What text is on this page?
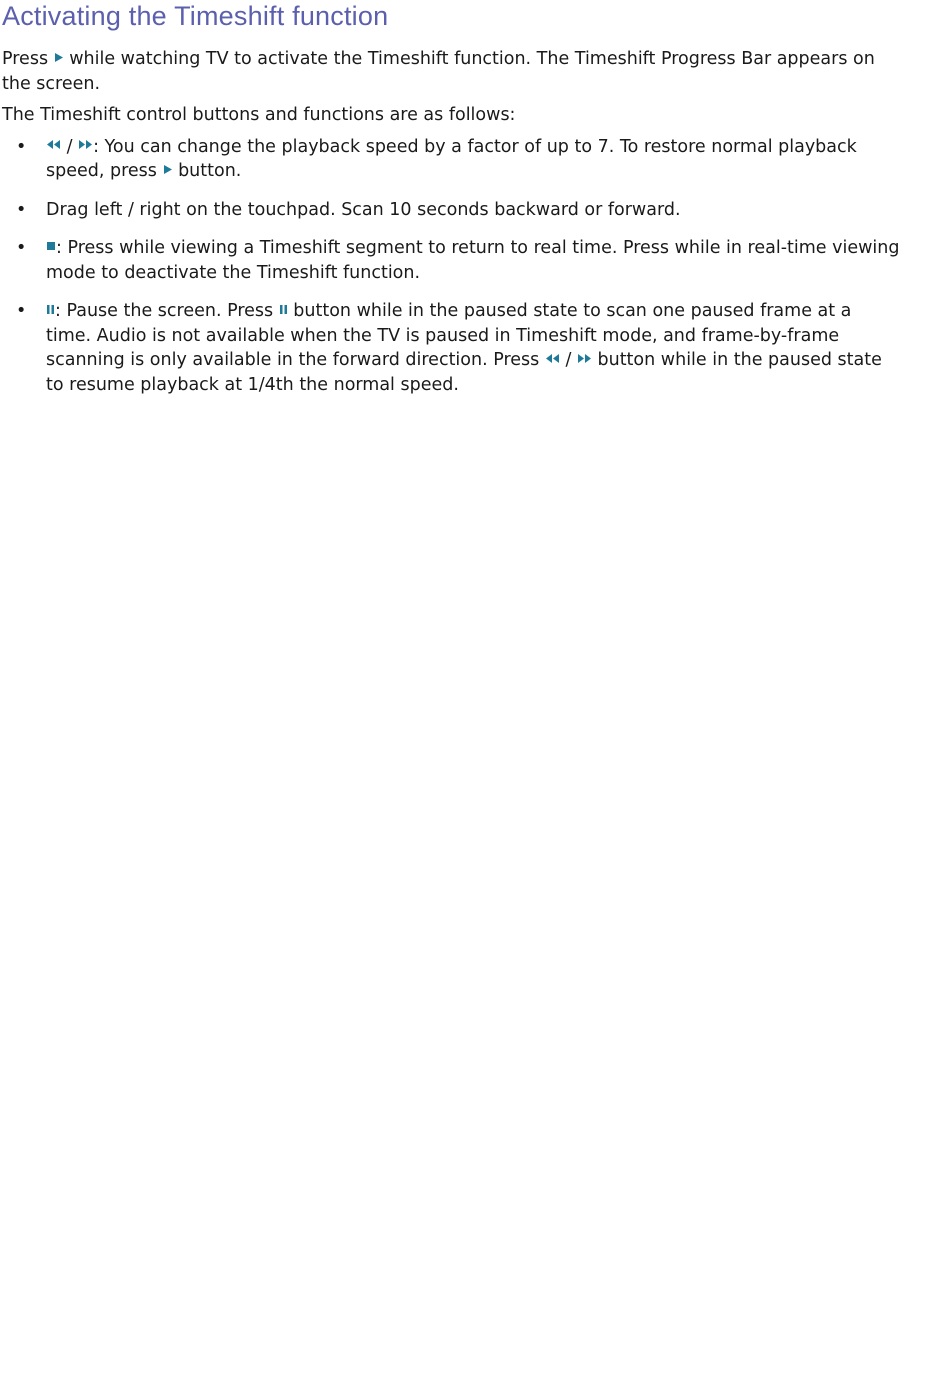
Activating the Timeshift function

Press while watching TV to activate the Timeshift function. The Timeshift Progress Bar appears on the screen.

The Timeshift control buttons and functions are as follows:

• / : You can change the playback speed by a factor of up to 7. To restore normal playback speed, press button.
• Drag left / right on the touchpad. Scan 10 seconds backward or forward.
• : Press while viewing a Timeshift segment to return to real time. Press while in real-time viewing mode to deactivate the Timeshift function.
• : Pause the screen. Press button while in the paused state to scan one paused frame at a time. Audio is not available when the TV is paused in Timeshift mode, and frame-by-frame scanning is only available in the forward direction. Press / button while in the paused state to resume playback at 1/4th the normal speed.
